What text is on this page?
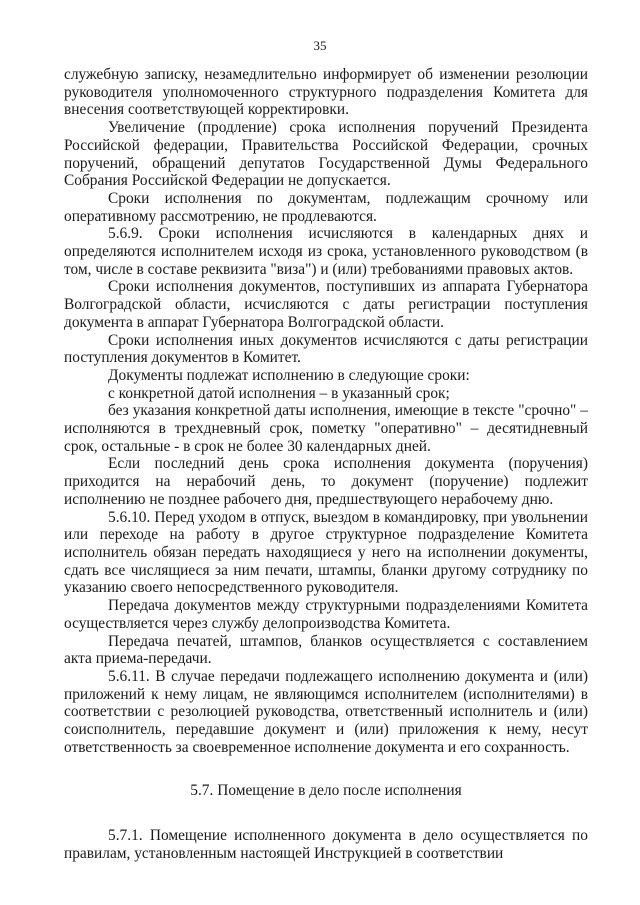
35

служебную записку, незамедлительно информирует об изменении резолюции руководителя уполномоченного структурного подразделения Комитета для внесения соответствующей корректировки.

Увеличение (продление) срока исполнения поручений Президента Российской федерации, Правительства Российской Федерации, срочных поручений, обращений депутатов Государственной Думы Федерального Собрания Российской Федерации не допускается.

Сроки исполнения по документам, подлежащим срочному или оперативному рассмотрению, не продлеваются.

5.6.9. Сроки исполнения исчисляются в календарных днях и определяются исполнителем исходя из срока, установленного руководством (в том, числе в составе реквизита "виза") и (или) требованиями правовых актов.

Сроки исполнения документов, поступивших из аппарата Губернатора Волгоградской области, исчисляются с даты регистрации поступления документа в аппарат Губернатора Волгоградской области.

Сроки исполнения иных документов исчисляются с даты регистрации поступления документов в Комитет.

Документы подлежат исполнению в следующие сроки:

с конкретной датой исполнения – в указанный срок;

без указания конкретной даты исполнения, имеющие в тексте "срочно" – исполняются в трехдневный срок, пометку "оперативно" – десятидневный срок, остальные - в срок не более 30 календарных дней.

Если последний день срока исполнения документа (поручения) приходится на нерабочий день, то документ (поручение) подлежит исполнению не позднее рабочего дня, предшествующего нерабочему дню.

5.6.10. Перед уходом в отпуск, выездом в командировку, при увольнении или переходе на работу в другое структурное подразделение Комитета исполнитель обязан передать находящиеся у него на исполнении документы, сдать все числящиеся за ним печати, штампы, бланки другому сотруднику по указанию своего непосредственного руководителя.

Передача документов между структурными подразделениями Комитета осуществляется через службу делопроизводства Комитета.

Передача печатей, штампов, бланков осуществляется с составлением акта приема-передачи.

5.6.11. В случае передачи подлежащего исполнению документа и (или) приложений к нему лицам, не являющимся исполнителем (исполнителями) в соответствии с резолюцией руководства, ответственный исполнитель и (или) соисполнитель, передавшие документ и (или) приложения к нему, несут ответственность за своевременное исполнение документа и его сохранность.

5.7. Помещение в дело после исполнения

5.7.1. Помещение исполненного документа в дело осуществляется по правилам, установленным настоящей Инструкцией в соответствии
